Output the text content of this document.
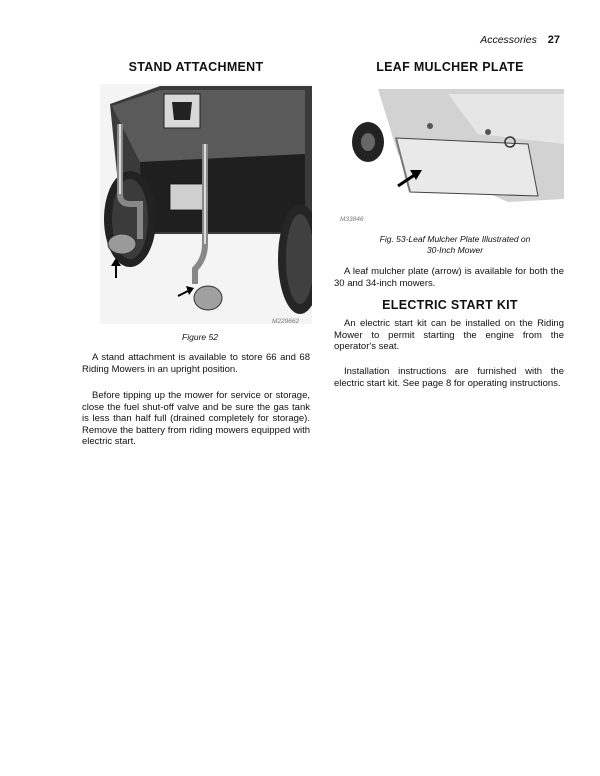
Accessories 27
STAND ATTACHMENT
M229662
Figure 52

A stand attachment is available to store 66 and 68 Riding Mowers in an upright position.

Before tipping up the mower for service or storage, close the fuel shut-off valve and be sure the gas tank is less than half full (drained completely for storage). Remove the battery from riding mowers equipped with electric start.

LEAF MULCHER PLATE
M33846
Fig. 53-Leaf Mulcher Plate Illustrated on
30-Inch Mower

A leaf mulcher plate (arrow) is available for both the 30 and 34-inch mowers.

ELECTRIC START KIT

An electric start kit can be installed on the Riding Mower to permit starting the engine from the operator's seat.

Installation instructions are furnished with the electric start kit. See page 8 for operating instructions.
